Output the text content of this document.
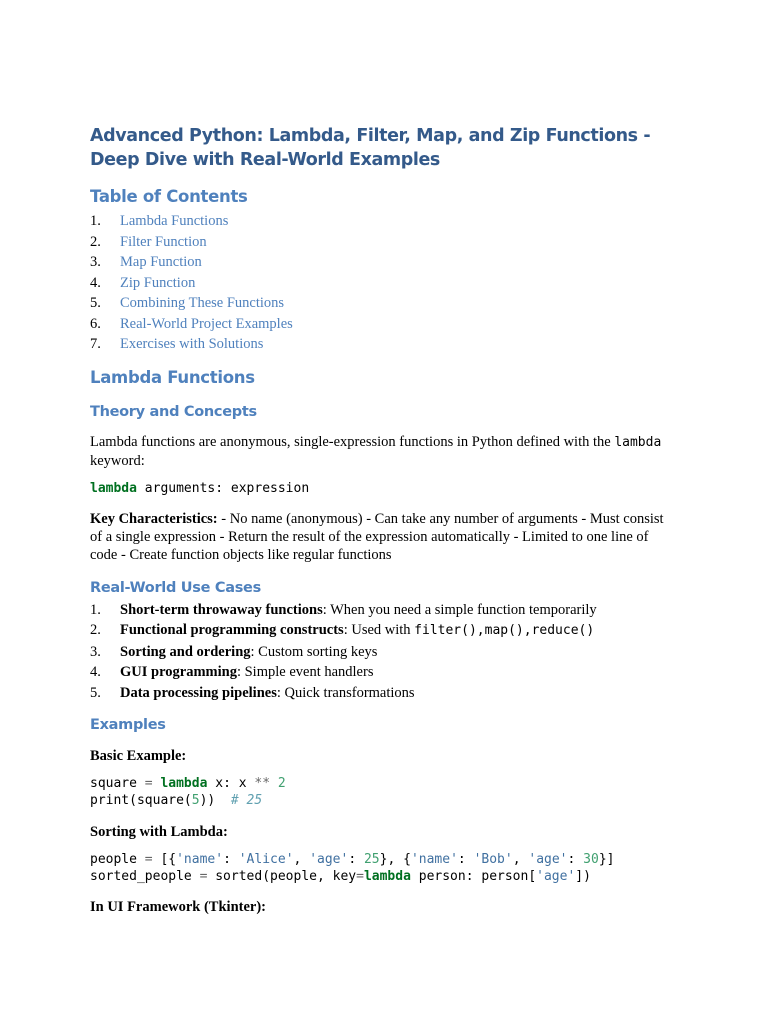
Advanced Python: Lambda, Filter, Map, and Zip Functions - Deep Dive with Real-World Examples
Table of Contents
1. Lambda Functions
2. Filter Function
3. Map Function
4. Zip Function
5. Combining These Functions
6. Real-World Project Examples
7. Exercises with Solutions
Lambda Functions
Theory and Concepts

Lambda functions are anonymous, single-expression functions in Python defined with the lambda keyword:

lambda arguments: expression

Key Characteristics: - No name (anonymous) - Can take any number of arguments - Must consist of a single expression - Return the result of the expression automatically - Limited to one line of code - Create function objects like regular functions

Real-World Use Cases
1. Short-term throwaway functions: When you need a simple function temporarily
2. Functional programming constructs: Used with filter(),map(),reduce()
3. Sorting and ordering: Custom sorting keys
4. GUI programming: Simple event handlers
5. Data processing pipelines: Quick transformations
Examples

Basic Example:

square = lambda x: x ** 2
print(square(5))  # 25

Sorting with Lambda:

people = [{'name': 'Alice', 'age': 25}, {'name': 'Bob', 'age': 30}]
sorted_people = sorted(people, key=lambda person: person['age'])

In UI Framework (Tkinter):
